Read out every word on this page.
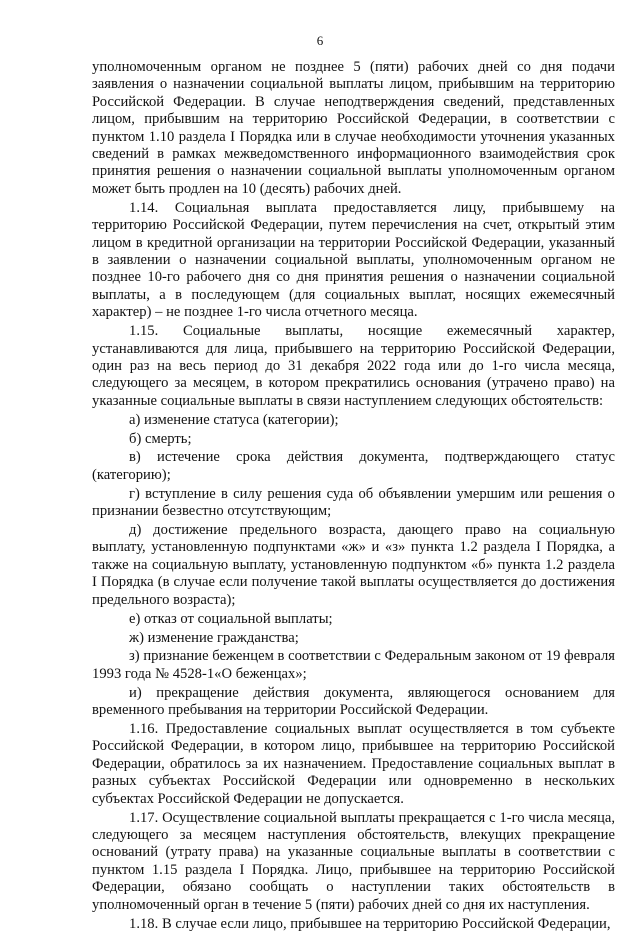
6

уполномоченным органом не позднее 5 (пяти) рабочих дней со дня подачи заявления о назначении социальной выплаты лицом, прибывшим на территорию Российской Федерации. В случае неподтверждения сведений, представленных лицом, прибывшим на территорию Российской Федерации, в соответствии с пунктом 1.10 раздела I Порядка или в случае необходимости уточнения указанных сведений в рамках межведомственного информационного взаимодействия срок принятия решения о назначении социальной выплаты уполномоченным органом может быть продлен на 10 (десять) рабочих дней.

1.14. Социальная выплата предоставляется лицу, прибывшему на территорию Российской Федерации, путем перечисления на счет, открытый этим лицом в кредитной организации на территории Российской Федерации, указанный в заявлении о назначении социальной выплаты, уполномоченным органом не позднее 10-го рабочего дня со дня принятия решения о назначении социальной выплаты, а в последующем (для социальных выплат, носящих ежемесячный характер) – не позднее 1-го числа отчетного месяца.

1.15. Социальные выплаты, носящие ежемесячный характер, устанавливаются для лица, прибывшего на территорию Российской Федерации, один раз на весь период до 31 декабря 2022 года или до 1-го числа месяца, следующего за месяцем, в котором прекратились основания (утрачено право) на указанные социальные выплаты в связи наступлением следующих обстоятельств:

а) изменение статуса (категории);

б) смерть;

в) истечение срока действия документа, подтверждающего статус (категорию);

г) вступление в силу решения суда об объявлении умершим или решения о признании безвестно отсутствующим;

д) достижение предельного возраста, дающего право на социальную выплату, установленную подпунктами «ж» и «з» пункта 1.2 раздела I Порядка, а также на социальную выплату, установленную подпунктом «б» пункта 1.2 раздела I Порядка (в случае если получение такой выплаты осуществляется до достижения предельного возраста);

е) отказ от социальной выплаты;

ж) изменение гражданства;

з) признание беженцем в соответствии с Федеральным законом от 19 февраля 1993 года № 4528-1«О беженцах»;

и) прекращение действия документа, являющегося основанием для временного пребывания на территории Российской Федерации.

1.16. Предоставление социальных выплат осуществляется в том субъекте Российской Федерации, в котором лицо, прибывшее на территорию Российской Федерации, обратилось за их назначением. Предоставление социальных выплат в разных субъектах Российской Федерации или одновременно в нескольких субъектах Российской Федерации не допускается.

1.17. Осуществление социальной выплаты прекращается с 1-го числа месяца, следующего за месяцем наступления обстоятельств, влекущих прекращение оснований (утрату права) на указанные социальные выплаты в соответствии с пунктом 1.15 раздела I Порядка. Лицо, прибывшее на территорию Российской Федерации, обязано сообщать о наступлении таких обстоятельств в уполномоченный орган в течение 5 (пяти) рабочих дней со дня их наступления.

1.18. В случае если лицо, прибывшее на территорию Российской Федерации,
